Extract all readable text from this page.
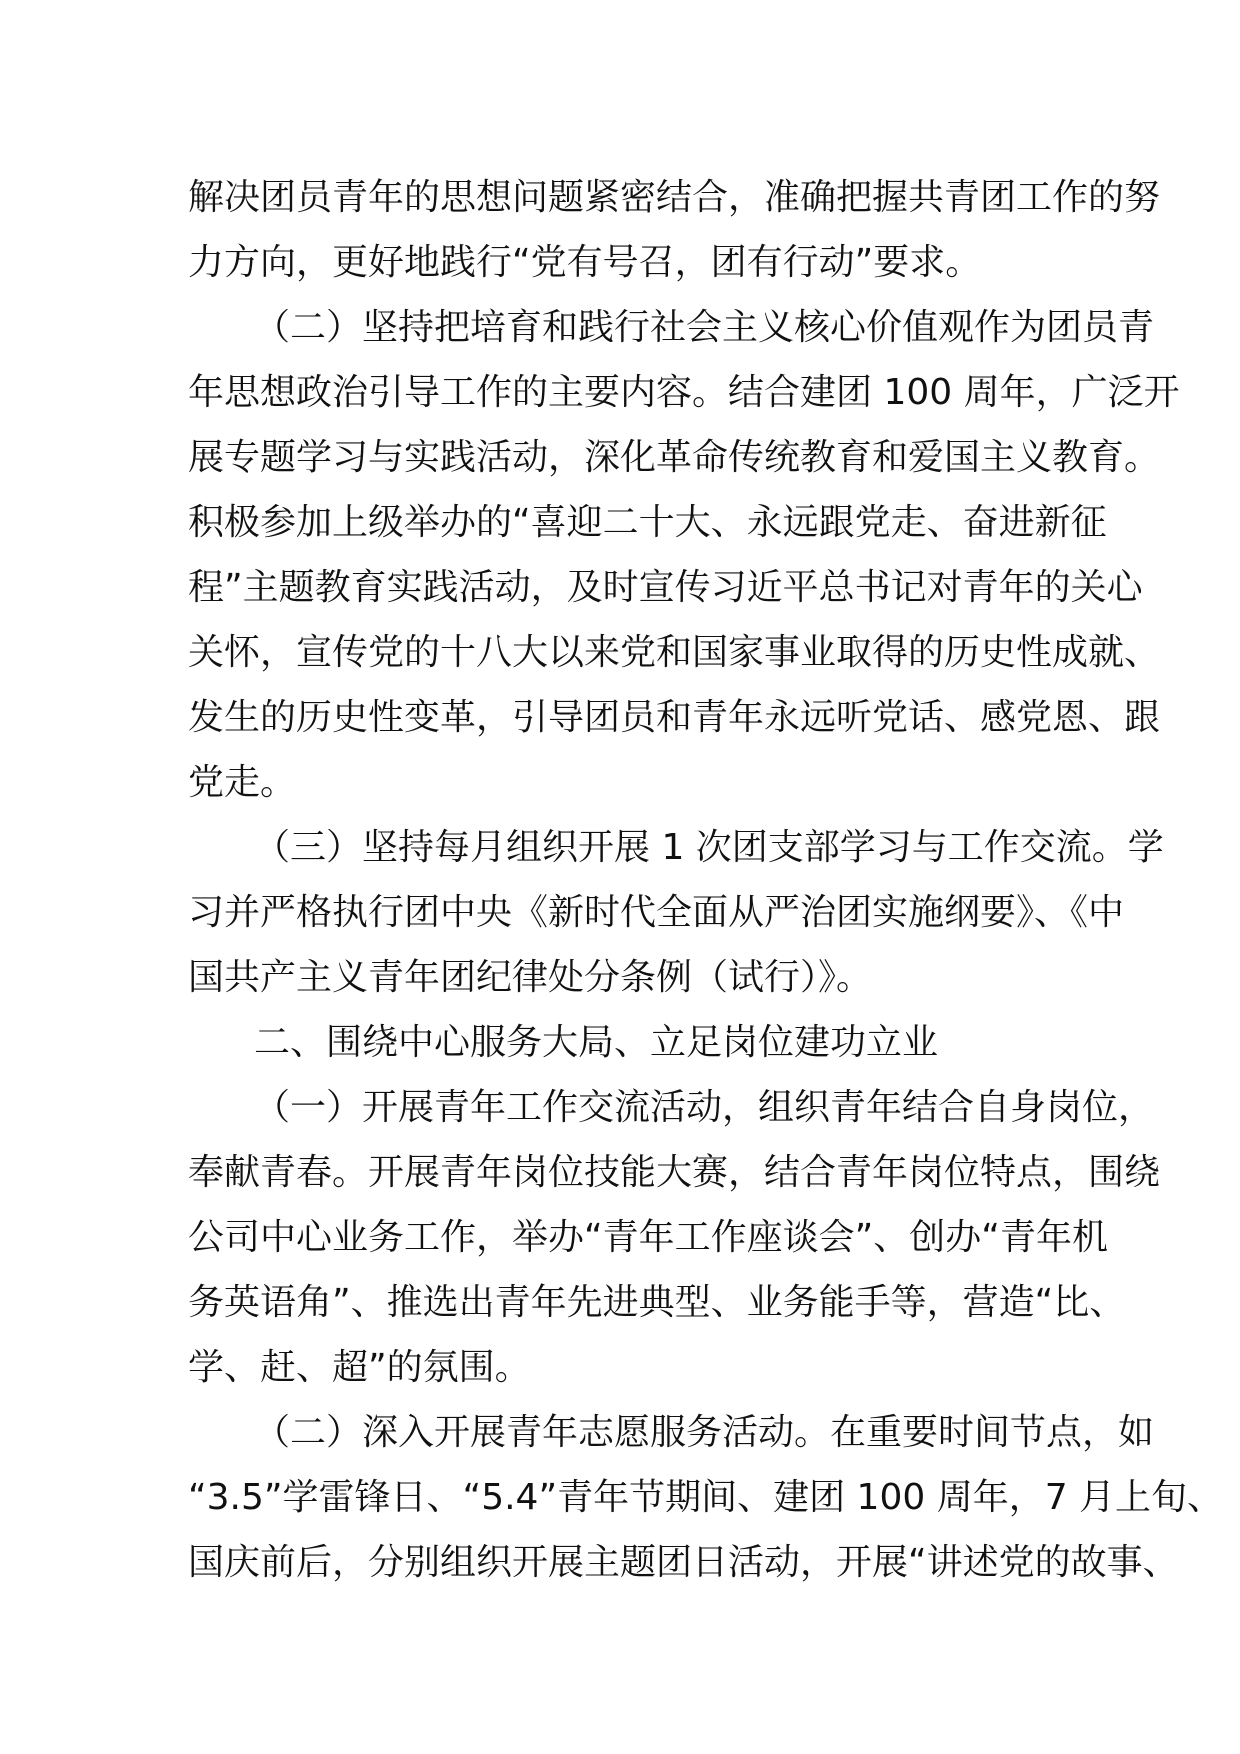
解决团员青年的思想问题紧密结合，准确把握共青团工作的努
力方向，更好地践行“党有号召，团有行动”要求。
（二）坚持把培育和践行社会主义核心价值观作为团员青
年思想政治引导工作的主要内容。结合建团 100 周年，广泛开
展专题学习与实践活动，深化革命传统教育和爱国主义教育。
积极参加上级举办的“喜迎二十大、永远跟党走、奋进新征
程”主题教育实践活动，及时宣传习近平总书记对青年的关心
关怀，宣传党的十八大以来党和国家事业取得的历史性成就、
发生的历史性变革，引导团员和青年永远听党话、感党恩、跟
党走。
（三）坚持每月组织开展 1 次团支部学习与工作交流。学
习并严格执行团中央《新时代全面从严治团实施纲要》、《中
国共产主义青年团纪律处分条例（试行）》。
二、围绕中心服务大局、立足岗位建功立业
（一）开展青年工作交流活动，组织青年结合自身岗位，
奉献青春。开展青年岗位技能大赛，结合青年岗位特点，围绕
公司中心业务工作，举办“青年工作座谈会”、创办“青年机
务英语角”、推选出青年先进典型、业务能手等，营造“比、
学、赶、超”的氛围。
（二）深入开展青年志愿服务活动。在重要时间节点，如
“3.5”学雷锋日、“5.4”青年节期间、建团 100 周年，7 月上旬、
国庆前后，分别组织开展主题团日活动，开展“讲述党的故事、
